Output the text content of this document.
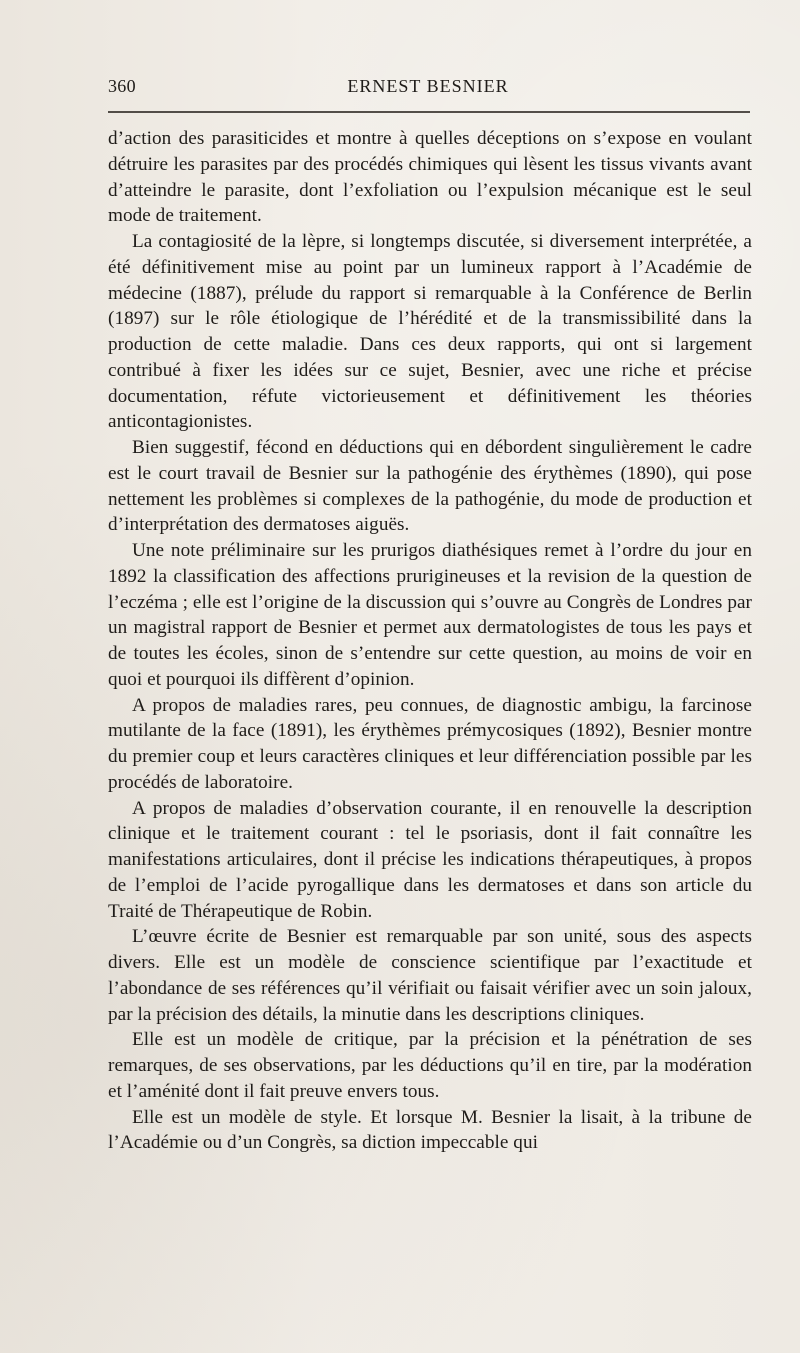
360	ERNEST BESNIER

d’action des parasiticides et montre à quelles déceptions on s’expose en voulant détruire les parasites par des procédés chimiques qui lèsent les tissus vivants avant d’atteindre le parasite, dont l’exfoliation ou l’expulsion mécanique est le seul mode de traitement.

La contagiosité de la lèpre, si longtemps discutée, si diversement interprétée, a été définitivement mise au point par un lumineux rapport à l’Académie de médecine (1887), prélude du rapport si remarquable à la Conférence de Berlin (1897) sur le rôle étiologique de l’hérédité et de la transmissibilité dans la production de cette maladie. Dans ces deux rapports, qui ont si largement contribué à fixer les idées sur ce sujet, Besnier, avec une riche et précise documentation, réfute victorieusement et définitivement les théories anticontagionistes.

Bien suggestif, fécond en déductions qui en débordent singulièrement le cadre est le court travail de Besnier sur la pathogénie des érythèmes (1890), qui pose nettement les problèmes si complexes de la pathogénie, du mode de production et d’interprétation des dermatoses aiguës.

Une note préliminaire sur les prurigos diathésiques remet à l’ordre du jour en 1892 la classification des affections prurigineuses et la revision de la question de l’eczéma ; elle est l’origine de la discussion qui s’ouvre au Congrès de Londres par un magistral rapport de Besnier et permet aux dermatologistes de tous les pays et de toutes les écoles, sinon de s’entendre sur cette question, au moins de voir en quoi et pourquoi ils diffèrent d’opinion.

A propos de maladies rares, peu connues, de diagnostic ambigu, la farcinose mutilante de la face (1891), les érythèmes prémycosiques (1892), Besnier montre du premier coup et leurs caractères cliniques et leur différenciation possible par les procédés de laboratoire.

A propos de maladies d’observation courante, il en renouvelle la description clinique et le traitement courant : tel le psoriasis, dont il fait connaître les manifestations articulaires, dont il précise les indications thérapeutiques, à propos de l’emploi de l’acide pyrogallique dans les dermatoses et dans son article du Traité de Thérapeutique de Robin.

L’œuvre écrite de Besnier est remarquable par son unité, sous des aspects divers. Elle est un modèle de conscience scientifique par l’exactitude et l’abondance de ses références qu’il vérifiait ou faisait vérifier avec un soin jaloux, par la précision des détails, la minutie dans les descriptions cliniques.

Elle est un modèle de critique, par la précision et la pénétration de ses remarques, de ses observations, par les déductions qu’il en tire, par la modération et l’aménité dont il fait preuve envers tous.

Elle est un modèle de style. Et lorsque M. Besnier la lisait, à la tribune de l’Académie ou d’un Congrès, sa diction impeccable qui
